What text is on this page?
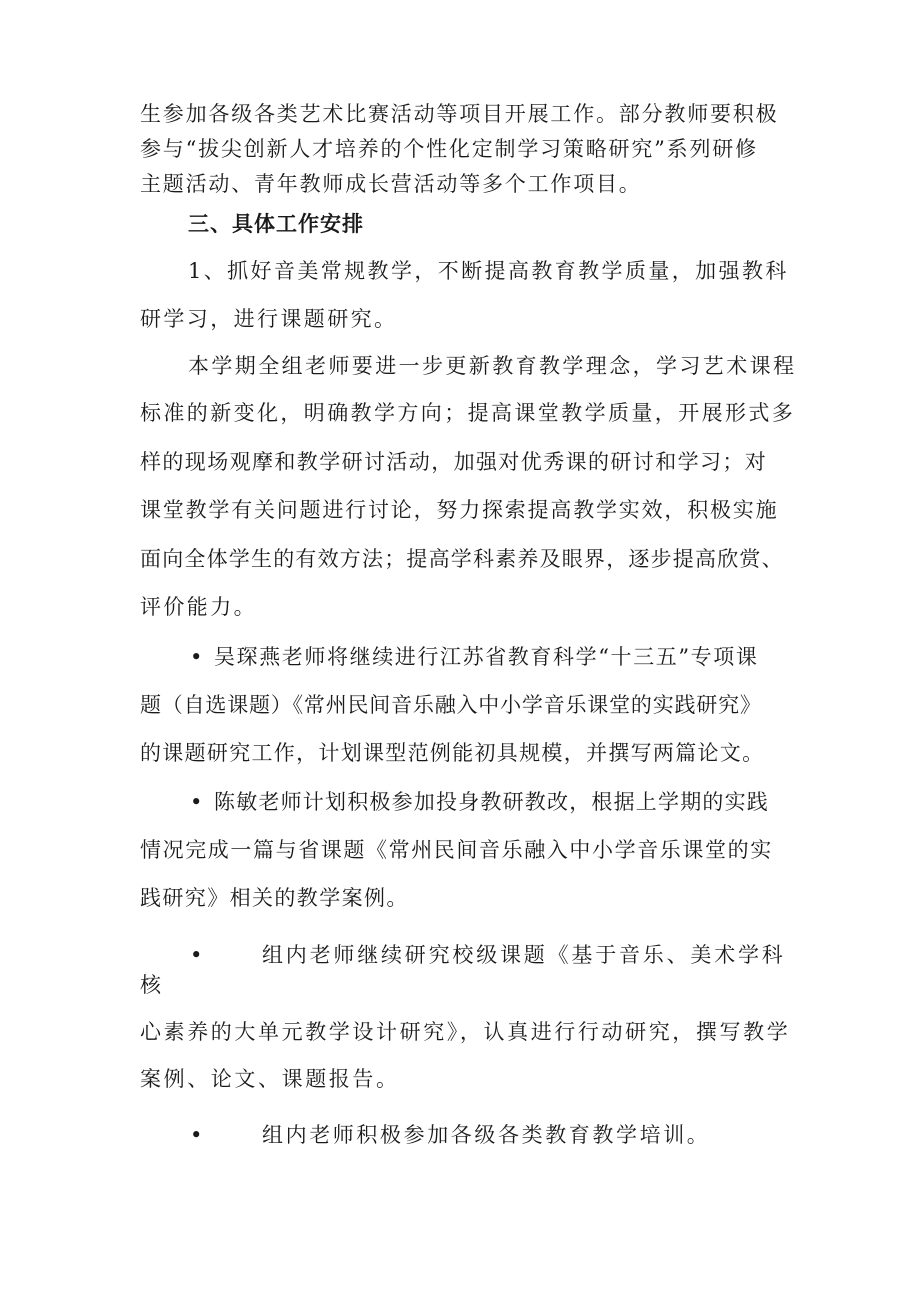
生参加各级各类艺术比赛活动等项目开展工作。部分教师要积极
参与“拔尖创新人才培养的个性化定制学习策略研究”系列研修
主题活动、青年教师成长营活动等多个工作项目。
三、具体工作安排
1、抓好音美常规教学，不断提高教育教学质量，加强教科
研学习，进行课题研究。
本学期全组老师要进一步更新教育教学理念，学习艺术课程
标准的新变化，明确教学方向；提高课堂教学质量，开展形式多
样的现场观摩和教学研讨活动，加强对优秀课的研讨和学习；对
课堂教学有关问题进行讨论，努力探索提高教学实效，积极实施
面向全体学生的有效方法；提高学科素养及眼界，逐步提高欣赏、
评价能力。
• 吴琛燕老师将继续进行江苏省教育科学“十三五”专项课
题（自选课题）《常州民间音乐融入中小学音乐课堂的实践研究》
的课题研究工作，计划课型范例能初具规模，并撰写两篇论文。
• 陈敏老师计划积极参加投身教研教改，根据上学期的实践
情况完成一篇与省课题《常州民间音乐融入中小学音乐课堂的实
践研究》相关的教学案例。
•	组内老师继续研究校级课题《基于音乐、美术学科
核
心素养的大单元教学设计研究》，认真进行行动研究，撰写教学
案例、论文、课题报告。
•	组内老师积极参加各级各类教育教学培训。
